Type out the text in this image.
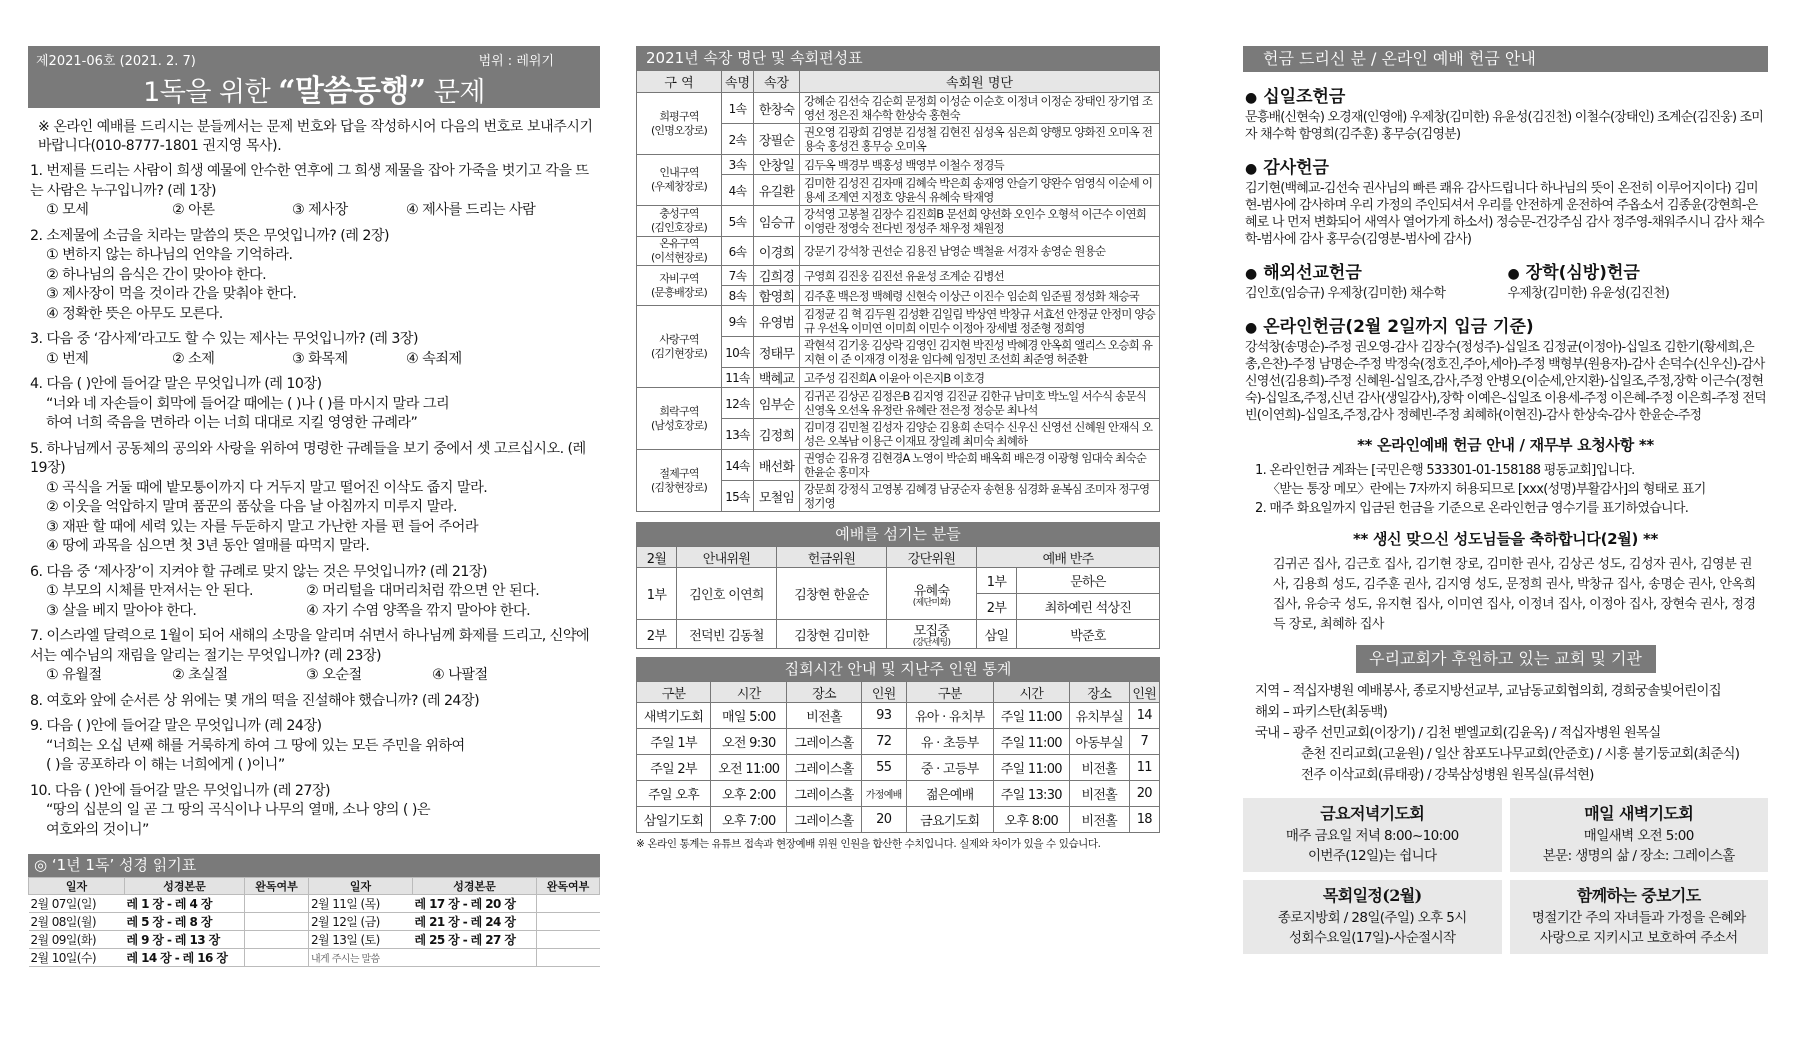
제2021-06호 (2021. 2. 7)	범위 : 레위기
1독을 위한 “말씀동행” 문제
※ 온라인 예배를 드리시는 분들께서는 문제 번호와 답을 작성하시어 다음의 번호로 보내주시기 바랍니다(010-8777-1801 권지영 목사).
1. 번제를 드리는 사람이 희생 예물에 안수한 연후에 그 희생 제물을 잡아 가죽을 벗기고 각을 뜨는 사람은 누구입니까? (레 1장)
① 모세	② 아론	③ 제사장	④ 제사를 드리는 사람
2. 소제물에 소금을 치라는 말씀의 뜻은 무엇입니까? (레 2장)
① 변하지 않는 하나님의 언약을 기억하라.
② 하나님의 음식은 간이 맞아야 한다.
③ 제사장이 먹을 것이라 간을 맞춰야 한다.
④ 정확한 뜻은 아무도 모른다.
3. 다음 중 ‘감사제’라고도 할 수 있는 제사는 무엇입니까? (레 3장)
① 번제	② 소제	③ 화목제	④ 속죄제
4. 다음 ( )안에 들어갈 말은 무엇입니까 (레 10장)
“너와 네 자손들이 회막에 들어갈 때에는 ( )나 ( )를 마시지 말라 그리
하여 너희 죽음을 면하라 이는 너희 대대로 지킬 영영한 규례라”
5. 하나님께서 공동체의 공의와 사랑을 위하여 명령한 규례들을 보기 중에서 셋 고르십시오. (레 19장)
① 곡식을 거둘 때에 밭모퉁이까지 다 거두지 말고 떨어진 이삭도 줍지 말라.
② 이웃을 억압하지 말며 품꾼의 품삯을 다음 날 아침까지 미루지 말라.
③ 재판 할 때에 세력 있는 자를 두둔하지 말고 가난한 자를 편 들어 주어라
④ 땅에 과목을 심으면 첫 3년 동안 열매를 따먹지 말라.
6. 다음 중 ‘제사장’이 지켜야 할 규례로 맞지 않는 것은 무엇입니까? (레 21장)
① 부모의 시체를 만져서는 안 된다.	② 머리털을 대머리처럼 깎으면 안 된다.
③ 살을 베지 말아야 한다.	④ 자기 수염 양쪽을 깎지 말아야 한다.
7. 이스라엘 달력으로 1월이 되어 새해의 소망을 알리며 쉬면서 하나님께 화제를 드리고, 신약에서는 예수님의 재림을 알리는 절기는 무엇입니까? (레 23장)
① 유월절	② 초실절	③ 오순절	④ 나팔절
8. 여호와 앞에 순서른 상 위에는 몇 개의 떡을 진설해야 했습니까? (레 24장)
9. 다음 ( )안에 들어갈 말은 무엇입니까 (레 24장)
“너희는 오십 년째 해를 거룩하게 하여 그 땅에 있는 모든 주민을 위하여
( )을 공포하라 이 해는 너희에게 ( )이니”
10. 다음 ( )안에 들어갈 말은 무엇입니까 (레 27장)
“땅의 십분의 일 곧 그 땅의 곡식이나 나무의 열매, 소나 양의 ( )은
여호와의 것이니”
◎ ‘1년 1독’ 성경 읽기표
일자	성경본문	완독여부	일자	성경본문	완독여부
2월 07일(일)	레 1 장 - 레 4 장		2월 11일 (목)	레 17 장 - 레 20 장	
2월 08일(월)	레 5 장 - 레 8 장		2월 12일 (금)	레 21 장 - 레 24 장	
2월 09일(화)	레 9 장 - 레 13 장		2월 13일 (토)	레 25 장 - 레 27 장	
2월 10일(수)	레 14 장 - 레 16 장		내게 주시는 말씀		
2021년 속장 명단 및 속회편성표
구 역	속명	속장	속회원 명단

희평구역
(인명오장로)	1속	한창숙	강혜순 김선숙 김순희 문정희 이성순 이순호 이정녀 이정순 장태인 장기엽 조영선 정은진 채수학 한상숙 홍현숙
	2속	장필순	권오영 김광희 김영분 김성철 김현진 심성옥 심은희 양행모 양화진 오미옥 전용숙 홍성건 홍무승 오미옥

인내구역
(우제창장로)	3속	안창일	김두옥 백경부 백홍성 백영부 이철수 정경득
	4속	유길환	김미한 김성진 김자매 김혜숙 박은희 송재영 안슬기 양완수 엄영식 이순세 이용세 조계연 지정호 양윤식 유혜숙 탁재영

충성구역
(김인호장로)	5속	임승규	강석영 고봉철 김장수 김진희B 문선희 양선화 오인수 오형석 이근수 이연희 이영란 정영숙 전다빈 정성주 채우정 채원정

온유구역
(이석현장로)	6속	이경희	강문기 강석창 권선순 김용진 남영순 백철윤 서경자 송영순 원용순

자비구역
(문흥배장로)	7속	김희경	구영희 김진웅 김진선 유윤성 조계순 김병선
	8속	함영희	김주훈 백은정 백혜령 신현숙 이상근 이진수 임순희 임준필 정성화 채승국

사랑구역
(김기현장로)	9속	유영범	김정균 김 혁 김두원 김성환 김일림 박상연 박창규 서효선 안정균 안정미 양승규 우선옥 이미연 이미희 이민수 이정아 장세별 정준형 정희영
	10속	정태무	곽현석 김기웅 김상락 김영인 김지현 박진성 박혜경 안옥희 앨리스 오승희 유지현 이 준 이재경 이정윤 임다혜 임정민 조선희 최준영 허준환
	11속	백혜교	고주성 김진희A 이윤아 이은지B 이호경

희락구역
(남성호장로)	12속	임부순	김귀곤 김상곤 김정은B 김지영 김진균 김한규 남미호 박노일 서수식 송문식 신영옥 오선옥 유정란 유혜란 전은정 정승문 최나석
	13속	김정희	김미경 김민철 김성자 김양순 김용희 손덕수 신우신 신영선 신혜원 안재식 오성은 오복남 이용근 이재묘 장일례 최미숙 최혜하

절제구역
(김창현장로)	14속	배선화	권영순 김유경 김현경A 노영이 박순희 배옥희 배은경 이광형 임대숙 최숙순 한윤순 홍미자
	15속	모철임	강문희 강정식 고영봉 김혜경 남궁순자 송현용 심경화 윤복심 조미자 정구영 정기영
예배를 섬기는 분들
2월	안내위원	헌금위원	강단위원	예배 반주	
1부	김인호 이연희	김창현 한윤순	유혜숙
(제단미화)	1부	문하은
				2부	최하예린 석상진
				삼일	박준호
2부	전덕빈 김동철	김창현 김미한	모집중
(강단세팅)		
집회시간 안내 및 지난주 인원 통계
구분	시간	장소	인원	구분	시간	장소	인원
새벽기도회	매일 5:00	비전홀	93	유아 · 유치부	주일 11:00	유치부실	14
주일 1부	오전 9:30	그레이스홀	72	유 · 초등부	주일 11:00	아동부실	7
주일 2부	오전 11:00	그레이스홀	55	중 · 고등부	주일 11:00	비전홀	11
주일 오후	오후 2:00	그레이스홀	가정예배	젊은예배	주일 13:30	비전홀	20
삼일기도회	오후 7:00	그레이스홀	20	금요기도회	오후 8:00	비전홀	18
※ 온라인 통계는 유튜브 접속과 현장예배 위원 인원을 합산한 수치입니다. 실제와 차이가 있을 수 있습니다.
헌금 드리신 분 / 온라인 예배 헌금 안내
● 십일조헌금
문흥배(신현숙) 오경재(인영애) 우제창(김미한) 유윤성(김진천) 이철수(장태인) 조계순(김진웅) 조미자 채수학 함영희(김주훈) 홍무승(김영분)
● 감사헌금
김기현(백혜교-김선숙 권사님의 빠른 쾌유 감사드립니다 하나님의 뜻이 온전히 이루어지이다) 김미현-범사에 감사하며 우리 가정의 주인되셔서 우리를 안전하게 운전하여 주옵소서 김종윤(강현희-은혜로 나 먼저 변화되어 새역사 열어가게 하소서) 정승문-건강주심 감사 정주영-채워주시니 감사 채수학-범사에 감사 홍무승(김영분-범사에 감사)
● 해외선교헌금
김인호(임승규) 우제창(김미한) 채수학
● 장학(심방)헌금
우제창(김미한) 유윤성(김진천)
● 온라인헌금(2월 2일까지 입금 기준)
강석창(송명순)-주정 권오영-감사 김장수(정성주)-십일조 김정균(이정아)-십일조 김한기(황세희,은총,은찬)-주정 남명순-주정 박정숙(정호진,주아,세아)-주정 백형부(원용자)-감사 손덕수(신우신)-감사 신영선(김용희)-주정 신혜원-십일조,감사,주정 안병오(이순세,안지환)-십일조,주정,장학 이근수(정현숙)-십일조,주정,신년 감사(생일감사),장학 이예은-십일조 이용세-주정 이은혜-주정 이은희-주정 전덕빈(이연희)-십일조,주정,감사 정혜빈-주정 최혜하(이현진)-감사 한상숙-감사 한윤순-주정
** 온라인예배 헌금 안내 / 재무부 요청사항 **
1. 온라인헌금 계좌는 [국민은행 533301-01-158188 평동교회]입니다.
〈받는 통장 메모〉란에는 7자까지 허용되므로 [xxx(성명)부활감사]의 형태로 표기
2. 매주 화요일까지 입금된 헌금을 기준으로 온라인헌금 영수기를 표기하였습니다.
** 생신 맞으신 성도님들을 축하합니다(2월) **
김귀곤 집사, 김근호 집사, 김기현 장로, 김미한 권사, 김상곤 성도, 김성자 권사, 김영분 권사, 김용희 성도, 김주훈 권사, 김지영 성도, 문정희 권사, 박창규 집사, 송명순 권사, 안옥희 집사, 유승국 성도, 유지현 집사, 이미연 집사, 이정녀 집사, 이정아 집사, 장현숙 권사, 정경득 장로, 최혜하 집사
우리교회가 후원하고 있는 교회 및 기관
지역 – 적십자병원 예배봉사, 종로지방선교부, 교남동교회협의회, 경희궁솔빛어린이집
해외 – 파키스탄(최동백)
국내 – 광주 선민교회(이장기) / 김천 벧엘교회(김윤옥) / 적십자병원 원목실
춘천 진리교회(고윤원) / 일산 참포도나무교회(안준호) / 시흥 불기둥교회(최준식)
전주 이삭교회(류태광) / 강북삼성병원 원목실(류석현)
금요저녁기도회
매주 금요일 저녁 8:00~10:00
이번주(12일)는 쉽니다
매일 새벽기도회
매일새벽 오전 5:00
본문: 생명의 삶 / 장소: 그레이스홀
목회일정(2월)
종로지방회 / 28일(주일) 오후 5시
성회수요일(17일)-사순절시작
함께하는 중보기도
명절기간 주의 자녀들과 가정을 은혜와
사랑으로 지키시고 보호하여 주소서
